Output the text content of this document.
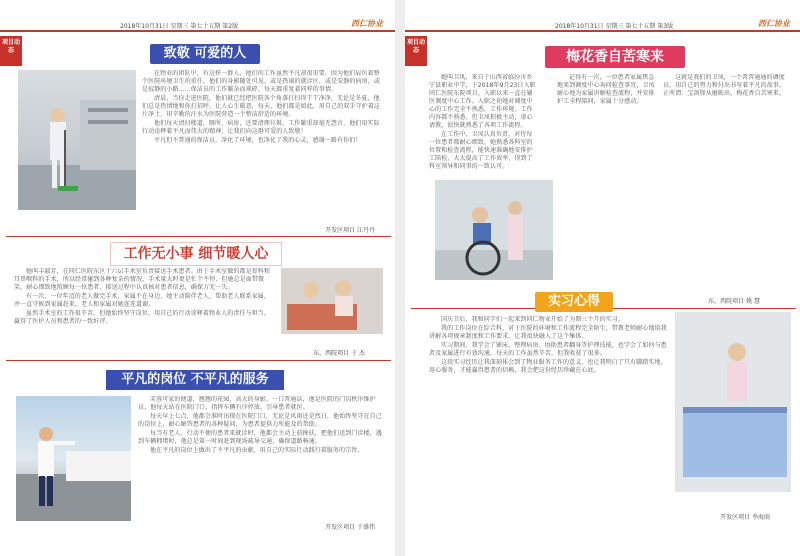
2018年10月31日 星期三 第七十五期 第2版	西仁协业
项目动态	致敬 可爱的人

在物业的团队中，有这样一群人，他们的工作虽然平凡却很重要，因为他们肩负着整个医院环境卫生的重任，他们的身影随处可见，或是热闹的就诊区，或是安静的病房，或是寂静的小路……保洁员的工作繁杂而琐碎，每天都重复着同样的事情。

清晨，当你走进医院，他们就已经把医院各个角落打扫得干干净净，无论是冬夏，他们总是热情地和你打招呼，让人心生暖意，每天，他们都是如此，用自己的双手守护着这片净土，用辛勤的汗水为医院营造一个整洁舒适的环境。

他们每天清扫楼道、厕所、病房，还要清理垃圾，工作繁重却毫无怨言，他们用实际行动诠释着平凡而伟大的精神，让我们向这群可爱的人致敬！

平凡但不普通的保洁员，净化了环境，也净化了我的心灵，感谢一路有你们！

开发区项目 江丹丹
工作无小事 细节暖人心

她叫丰淑芳，在同仁医院东区十六层手术室负责接送手术患者。由于手术室做的都是骨科和耳鼻喉科的手术，所以经常碰到各种复杂的情况，手术量大时更是忙个不停，但她总是面带微笑，耐心细致地照顾每一位患者，接送过程中认真核对患者信息，确保万无一失。

有一次，一位年迈的老人做完手术，家属不在身边，她主动陪伴老人，帮助老人联系家属，并一直守候到家属赶来，老人和家属对她连连道谢。

虽然手术室的工作很辛苦，但她始终坚守岗位，用自己的行动诠释着物业人的责任与担当，赢得了医护人员和患者的一致好评。

东，西院项目 于 杰
平凡的岗位 不平凡的服务

芙蓉可家的便道，翘翘的花园，高大的身影，一口普通话，他是医院的门岗秩序维护员，他每天站在医院门口，指挥车辆有序停放，引导患者就医。

每天早上七点，他都会准时出现在医院门口，无论是风雨还是烈日，他始终坚守在自己的岗位上，耐心解答患者的各种疑问，为患者提供力所能及的帮助。

每当有老人、行动不便的患者来就诊时，他都会主动上前搀扶，把他们送到门诊楼，遇到车辆拥堵时，他总是第一时间赶到现场疏导交通，确保道路畅通。

他在平凡的岗位上做出了不平凡的贡献，用自己的实际行动践行着服务的宗旨。

开发区项目 于盛伟
2018年10月31日 星期三 第七十五期 第3版	西仁协业
项目动态	梅花香自苦寒来

她叫卫凤，来自于山西省临汾市乡宁县职业中学，于2018年9月23日入职同仁医院东院项目。入职以来一直在辅医调度中心工作。入职之初她对调度中心的工作完全不熟悉，工作环境、工作内容都不熟悉，但卫凤积极主动，虚心请教，很快就熟悉了各项工作流程。

在工作中，卫凤认真负责，对待每一位患者都耐心细致，她熟悉各科室的位置和检查流程，能快速准确地安排护工陪检，大大提高了工作效率，得到了科室领导和同事的一致认可。

记得有一次，一位患者家属焦急地来到调度中心询问检查事宜，卫凤耐心地为家属讲解检查流程，并安排护工全程陪同，家属十分感动。

这就是我们的卫凤，一个普普通通的调度员，用自己的努力和付出书写着平凡的故事。正所谓：宝剑锋从磨砺出，梅花香自苦寒来。

东，西院项目 姚 慧
实习心得

国庆节后，我和同学们一起来到同仁物业开始了为期三个月的实习。

我的工作岗位在综合科，对于医院的环境和工作流程完全陌生，带教老师耐心地给我讲解各项规章制度和工作要求，让我很快融入了这个集体。

实习期间，我学会了铺床、整理病房、协助患者翻身等护理技能，也学会了如何与患者及家属进行有效沟通，每天的工作虽然辛苦，但我收获了很多。

这段实习经历让我深刻体会到了物业服务工作的意义，也让我明白了只有脚踏实地、用心服务，才能赢得患者的信赖，我会把这份经历珍藏在心底。

开发区项目 李海雨
